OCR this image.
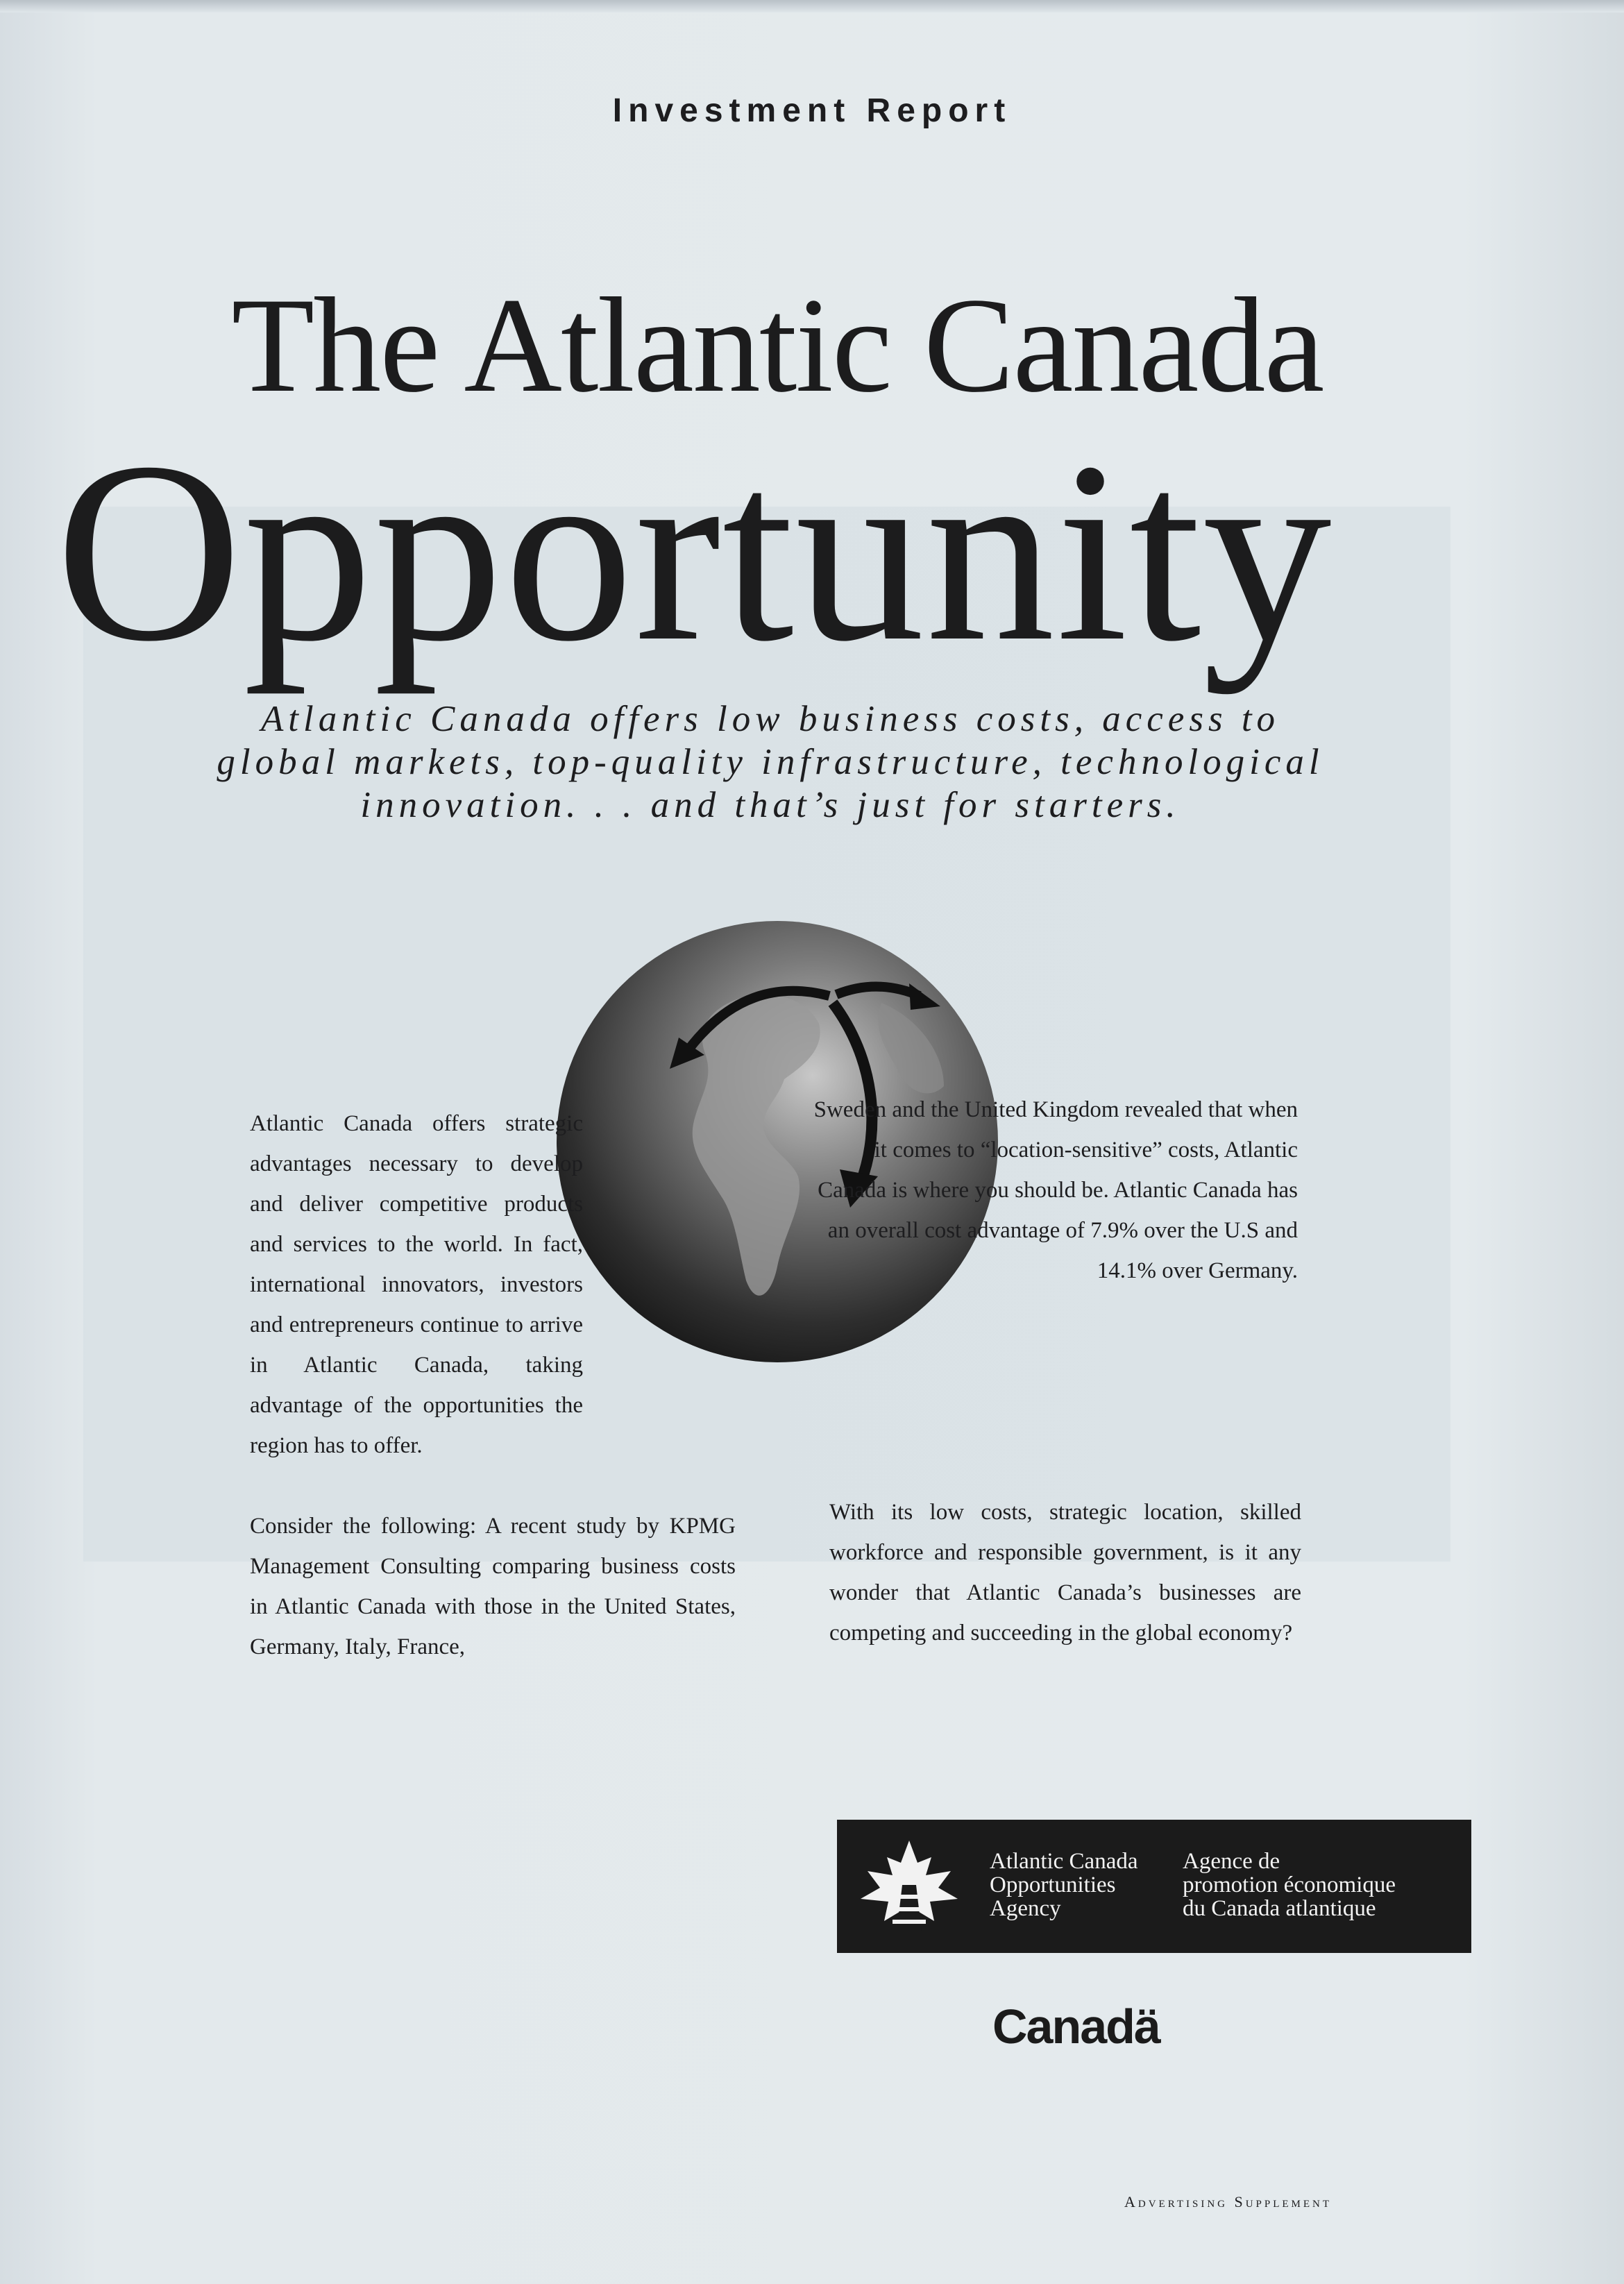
Investment Report
The Atlantic Canada
Opportunity
Atlantic Canada offers low business costs, access to global markets, top-quality infrastructure, technological innovation. . . and that’s just for starters.

Atlantic Canada offers strategic advantages necessary to develop and deliver competitive products and services to the world. In fact, international innovators, investors and entrepreneurs continue to arrive in Atlantic Canada, taking advantage of the opportunities the region has to offer.

Consider the following: A recent study by KPMG Management Consulting comparing business costs in Atlantic Canada with those in the United States, Germany, Italy, France,

Sweden and the United Kingdom revealed that when it comes to “location-sensitive” costs, Atlantic Canada is where you should be. Atlantic Canada has an overall cost advantage of 7.9% over the U.S and 14.1% over Germany.

With its low costs, strategic location, skilled workforce and responsible government, is it any wonder that Atlantic Canada’s businesses are competing and succeeding in the global economy?

Atlantic Canada
Opportunities
Agency
Agence de
promotion économique
du Canada atlantique
Canadä
Advertising Supplement
